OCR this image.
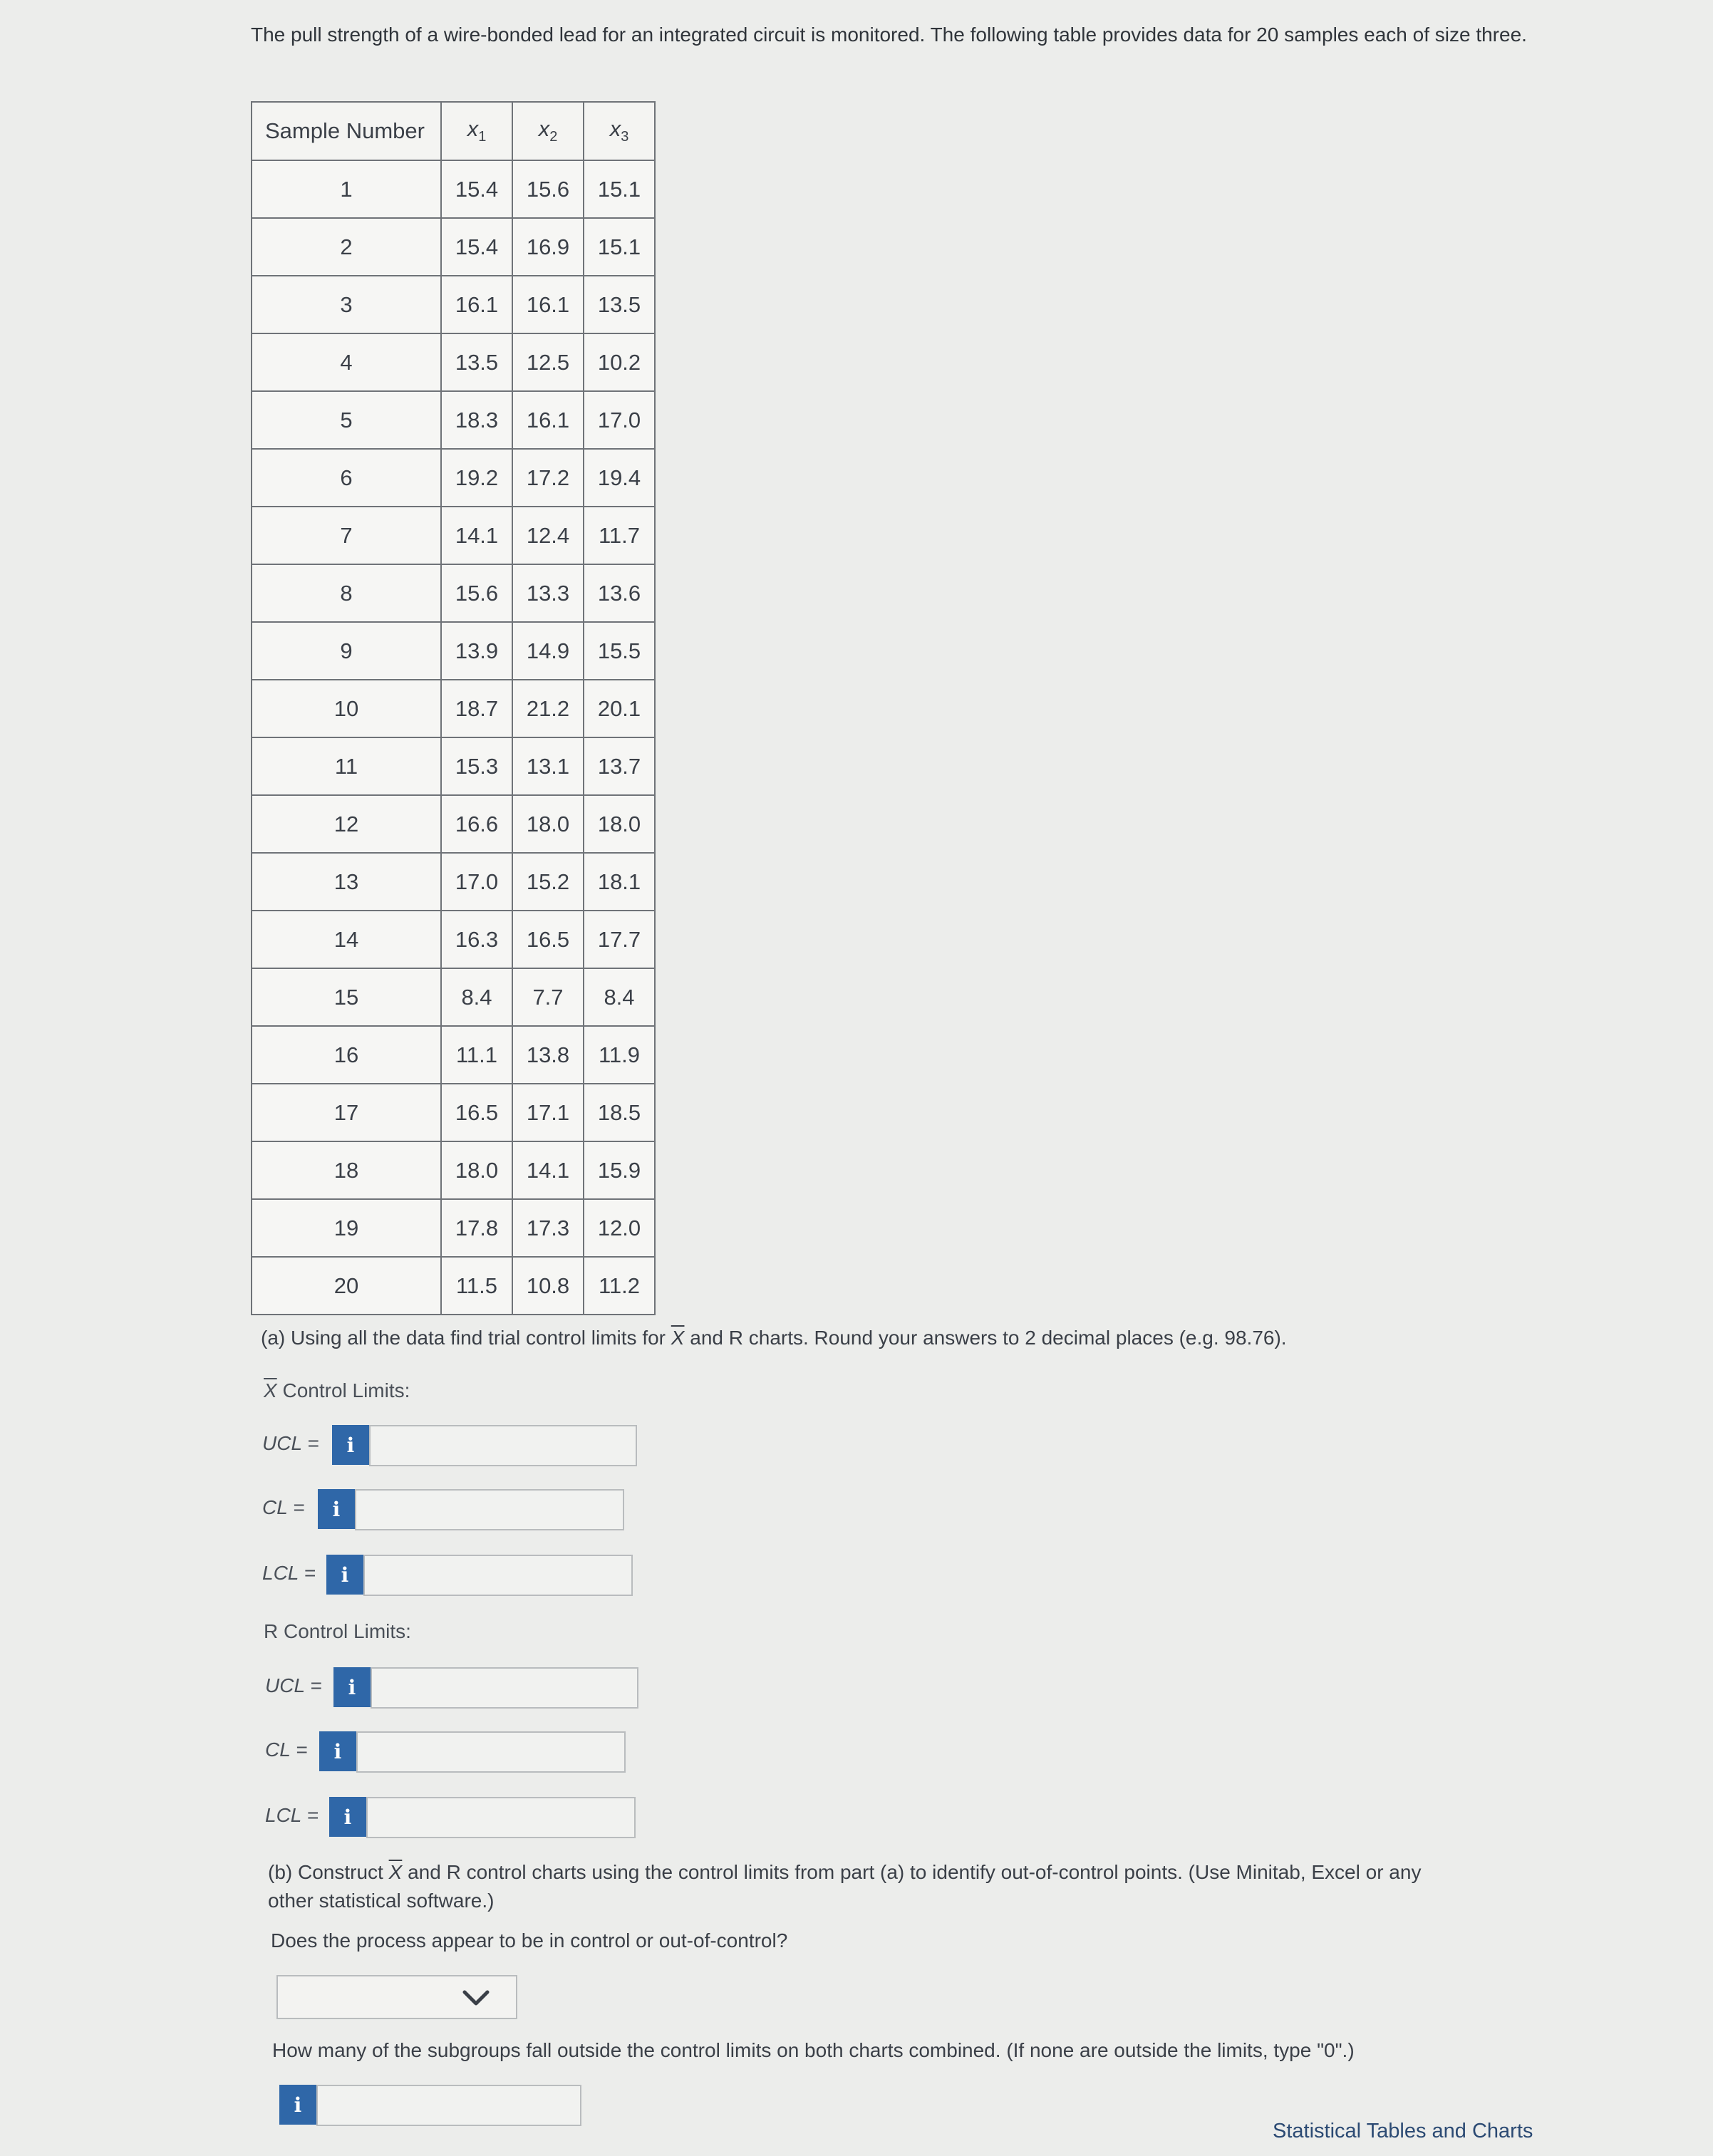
The pull strength of a wire-bonded lead for an integrated circuit is monitored. The following table provides data for 20 samples each of size three.
Sample Number	$x_1$	$x_2$	$x_3$
1	15.4	15.6	15.1
2	15.4	16.9	15.1
3	16.1	16.1	13.5
4	13.5	12.5	10.2
5	18.3	16.1	17.0
6	19.2	17.2	19.4
7	14.1	12.4	11.7
8	15.6	13.3	13.6
9	13.9	14.9	15.5
10	18.7	21.2	20.1
11	15.3	13.1	13.7
12	16.6	18.0	18.0
13	17.0	15.2	18.1
14	16.3	16.5	17.7
15	8.4	7.7	8.4
16	11.1	13.8	11.9
17	16.5	17.1	18.5
18	18.0	14.1	15.9
19	17.8	17.3	12.0
20	11.5	10.8	11.2
(a) Using all the data find trial control limits for $\overline{X}$ and R charts. Round your answers to 2 decimal places (e.g. 98.76).
$\overline{X}$ Control Limits:
UCL =	i
CL =	i
LCL =	i
R Control Limits:
UCL =	i
CL =	i
LCL =	i
(b) Construct $\overline{X}$ and R control charts using the control limits from part (a) to identify out-of-control points. (Use Minitab, Excel or any
other statistical software.)
Does the process appear to be in control or out-of-control?
How many of the subgroups fall outside the control limits on both charts combined. (If none are outside the limits, type "0".)
i
Statistical Tables and Charts
